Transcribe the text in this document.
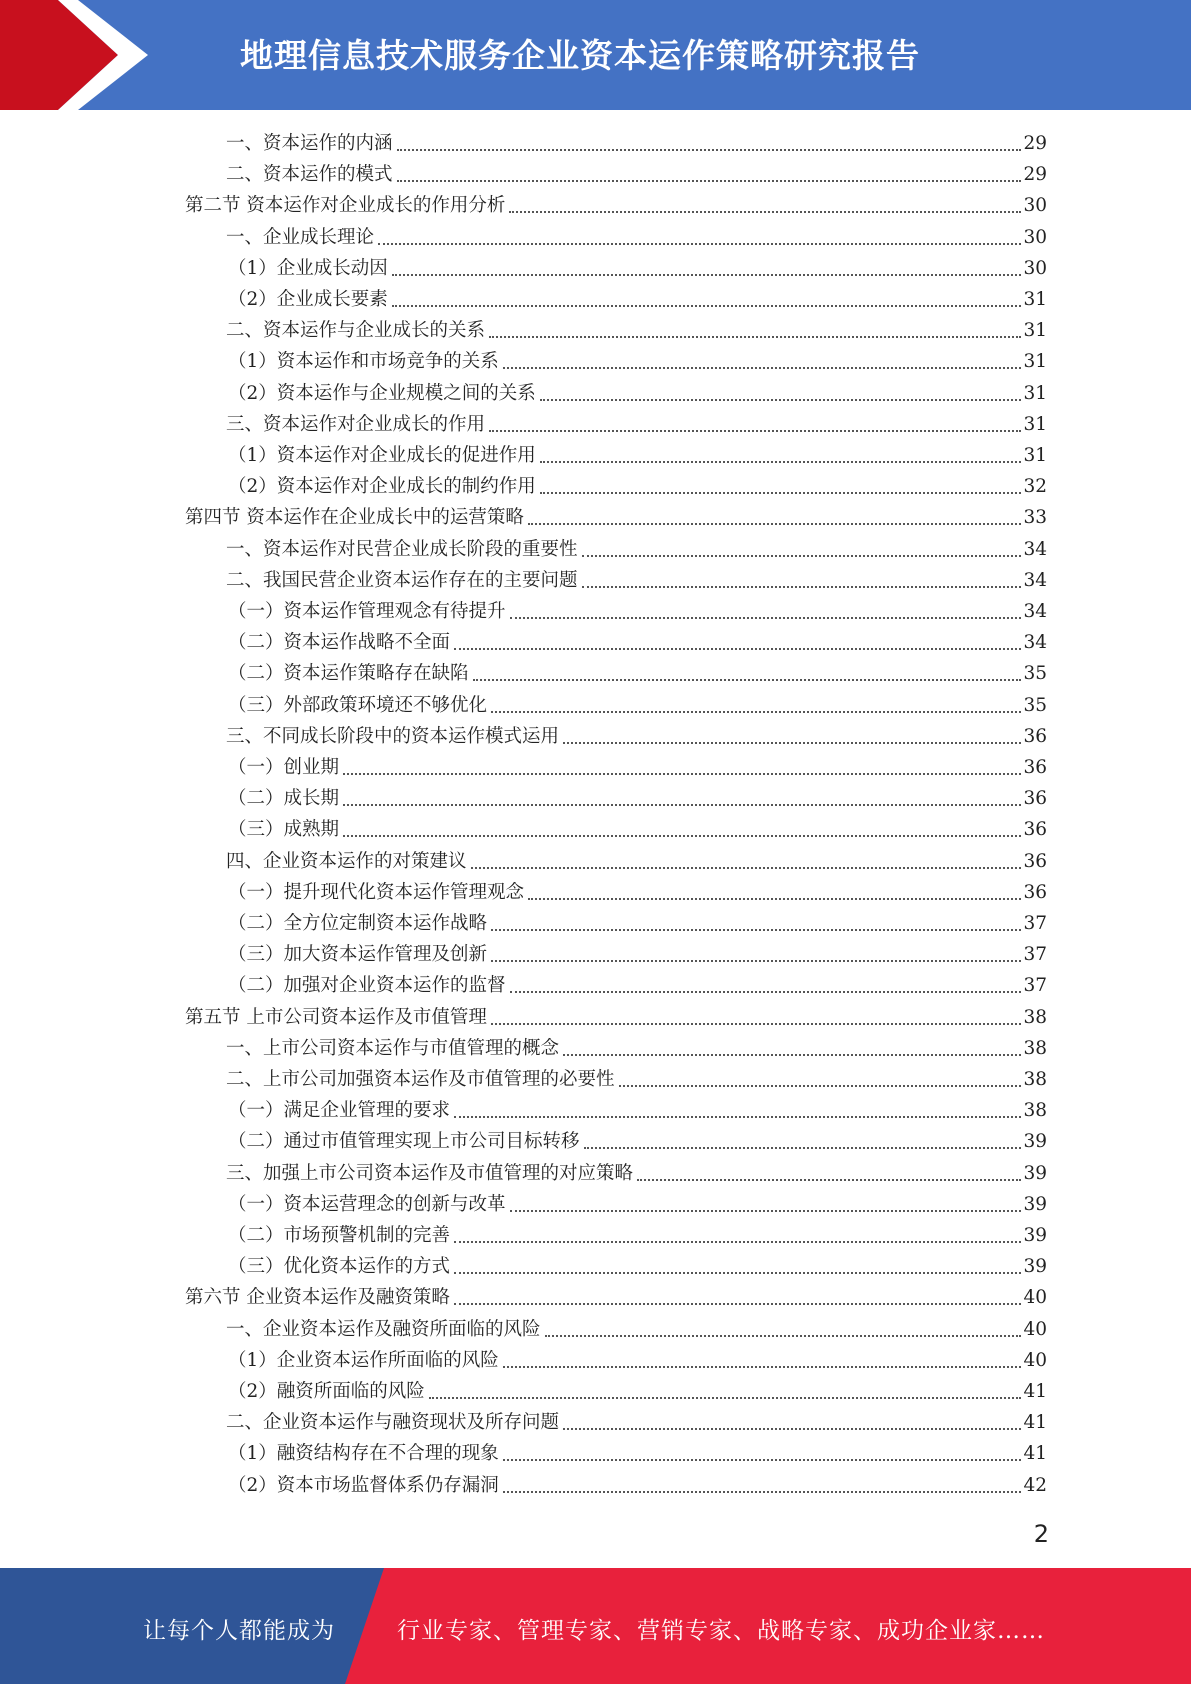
地理信息技术服务企业资本运作策略研究报告
一、资本运作的内涵	29
二、资本运作的模式	29
第二节 资本运作对企业成长的作用分析	30
一、企业成长理论	30
（1）企业成长动因	30
（2）企业成长要素	31
二、资本运作与企业成长的关系	31
（1）资本运作和市场竞争的关系	31
（2）资本运作与企业规模之间的关系	31
三、资本运作对企业成长的作用	31
（1）资本运作对企业成长的促进作用	31
（2）资本运作对企业成长的制约作用	32
第四节 资本运作在企业成长中的运营策略	33
一、资本运作对民营企业成长阶段的重要性	34
二、我国民营企业资本运作存在的主要问题	34
（一）资本运作管理观念有待提升	34
（二）资本运作战略不全面	34
（二）资本运作策略存在缺陷	35
（三）外部政策环境还不够优化	35
三、不同成长阶段中的资本运作模式运用	36
（一）创业期	36
（二）成长期	36
（三）成熟期	36
四、企业资本运作的对策建议	36
（一）提升现代化资本运作管理观念	36
（二）全方位定制资本运作战略	37
（三）加大资本运作管理及创新	37
（二）加强对企业资本运作的监督	37
第五节 上市公司资本运作及市值管理	38
一、上市公司资本运作与市值管理的概念	38
二、上市公司加强资本运作及市值管理的必要性	38
（一）满足企业管理的要求	38
（二）通过市值管理实现上市公司目标转移	39
三、加强上市公司资本运作及市值管理的对应策略	39
（一）资本运营理念的创新与改革	39
（二）市场预警机制的完善	39
（三）优化资本运作的方式	39
第六节 企业资本运作及融资策略	40
一、企业资本运作及融资所面临的风险	40
（1）企业资本运作所面临的风险	40
（2）融资所面临的风险	41
二、企业资本运作与融资现状及所存问题	41
（1）融资结构存在不合理的现象	41
（2）资本市场监督体系仍存漏洞	42
2
让每个人都能成为	行业专家、管理专家、营销专家、战略专家、成功企业家……
